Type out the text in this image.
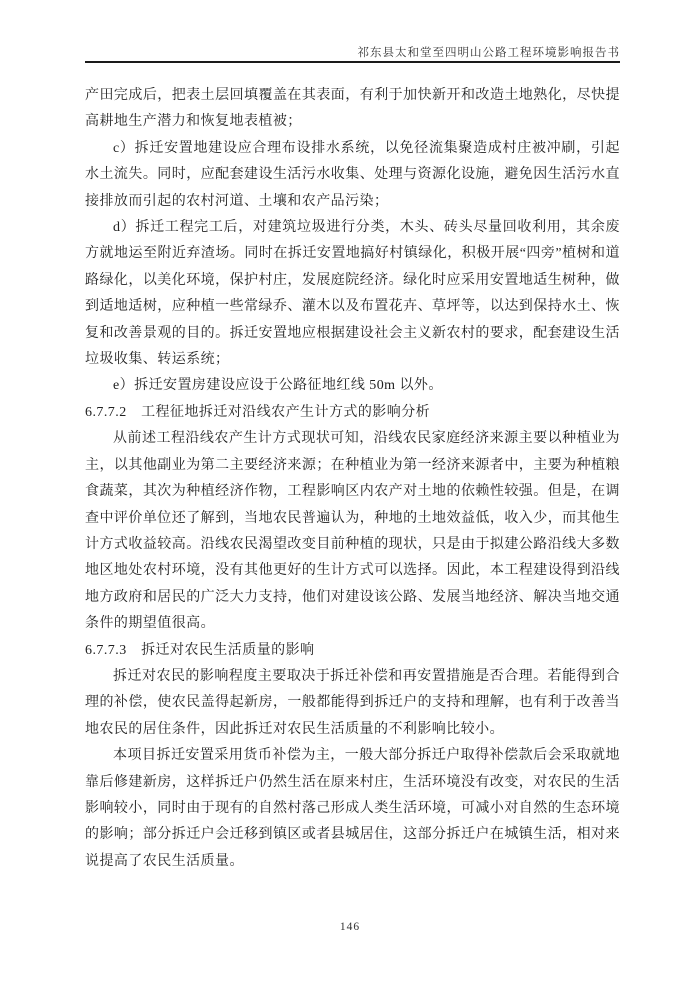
祁东县太和堂至四明山公路工程环境影响报告书

产田完成后，把表土层回填覆盖在其表面，有利于加快新开和改造土地熟化，尽快提高耕地生产潜力和恢复地表植被；

c）拆迁安置地建设应合理布设排水系统，以免径流集聚造成村庄被冲刷，引起水土流失。同时，应配套建设生活污水收集、处理与资源化设施，避免因生活污水直接排放而引起的农村河道、土壤和农产品污染；

d）拆迁工程完工后，对建筑垃圾进行分类，木头、砖头尽量回收利用，其余废方就地运至附近弃渣场。同时在拆迁安置地搞好村镇绿化，积极开展“四旁”植树和道路绿化，以美化环境，保护村庄，发展庭院经济。绿化时应采用安置地适生树种，做到适地适树，应种植一些常绿乔、灌木以及布置花卉、草坪等，以达到保持水土、恢复和改善景观的目的。拆迁安置地应根据建设社会主义新农村的要求，配套建设生活垃圾收集、转运系统；

e）拆迁安置房建设应设于公路征地红线 50m 以外。

6.7.7.2　工程征地拆迁对沿线农产生计方式的影响分析

从前述工程沿线农产生计方式现状可知，沿线农民家庭经济来源主要以种植业为主，以其他副业为第二主要经济来源；在种植业为第一经济来源者中，主要为种植粮食蔬菜，其次为种植经济作物，工程影响区内农产对土地的依赖性较强。但是，在调查中评价单位还了解到，当地农民普遍认为，种地的土地效益低，收入少，而其他生计方式收益较高。沿线农民渴望改变目前种植的现状，只是由于拟建公路沿线大多数地区地处农村环境，没有其他更好的生计方式可以选择。因此，本工程建设得到沿线地方政府和居民的广泛大力支持，他们对建设该公路、发展当地经济、解决当地交通条件的期望值很高。

6.7.7.3　拆迁对农民生活质量的影响

拆迁对农民的影响程度主要取决于拆迁补偿和再安置措施是否合理。若能得到合理的补偿，使农民盖得起新房，一般都能得到拆迁户的支持和理解，也有利于改善当地农民的居住条件，因此拆迁对农民生活质量的不利影响比较小。

本项目拆迁安置采用货币补偿为主，一般大部分拆迁户取得补偿款后会采取就地靠后修建新房，这样拆迁户仍然生活在原来村庄，生活环境没有改变，对农民的生活影响较小，同时由于现有的自然村落己形成人类生活环境，可减小对自然的生态环境的影响；部分拆迁户会迁移到镇区或者县城居住，这部分拆迁户在城镇生活，相对来说提高了农民生活质量。

146
